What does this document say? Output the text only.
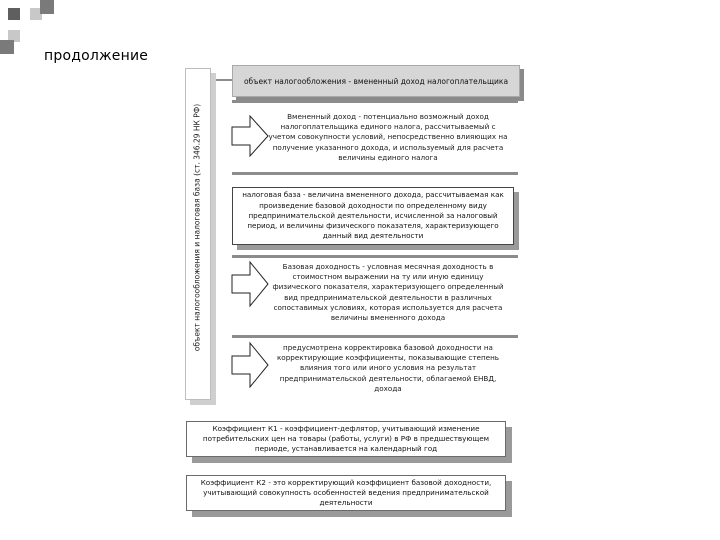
продолжение
объект налогообложения и налоговая база (ст. 346.29 НК РФ)
объект налогообложения - вмененный доход налогоплательщика
Вмененный доход - потенциально возможный доход налогоплательщика единого налога, рассчитываемый с учетом совокупности условий, непосредственно влияющих на получение указанного дохода, и используемый для расчета величины единого налога
налоговая база - величина вмененного дохода, рассчитываемая как произведение базовой доходности по определенному виду предпринимательской деятельности, исчисленной за налоговый период, и величины физического показателя, характеризующего данный вид деятельности
Базовая доходность - условная месячная доходность в стоимостном выражении на ту или иную единицу физического показателя, характеризующего определенный вид предпринимательской деятельности в различных сопоставимых условиях, которая используется для расчета величины вмененного дохода
предусмотрена корректировка базовой доходности на корректирующие коэффициенты, показывающие степень влияния того или иного условия на результат предпринимательской деятельности, облагаемой ЕНВД, дохода
Коэффициент К1 - коэффициент-дефлятор, учитывающий изменение потребительских цен на товары (работы, услуги) в РФ в предшествующем периоде, устанавливается на календарный год
Коэффициент К2 - это корректирующий коэффициент базовой доходности, учитывающий совокупность особенностей ведения предпринимательской деятельности
